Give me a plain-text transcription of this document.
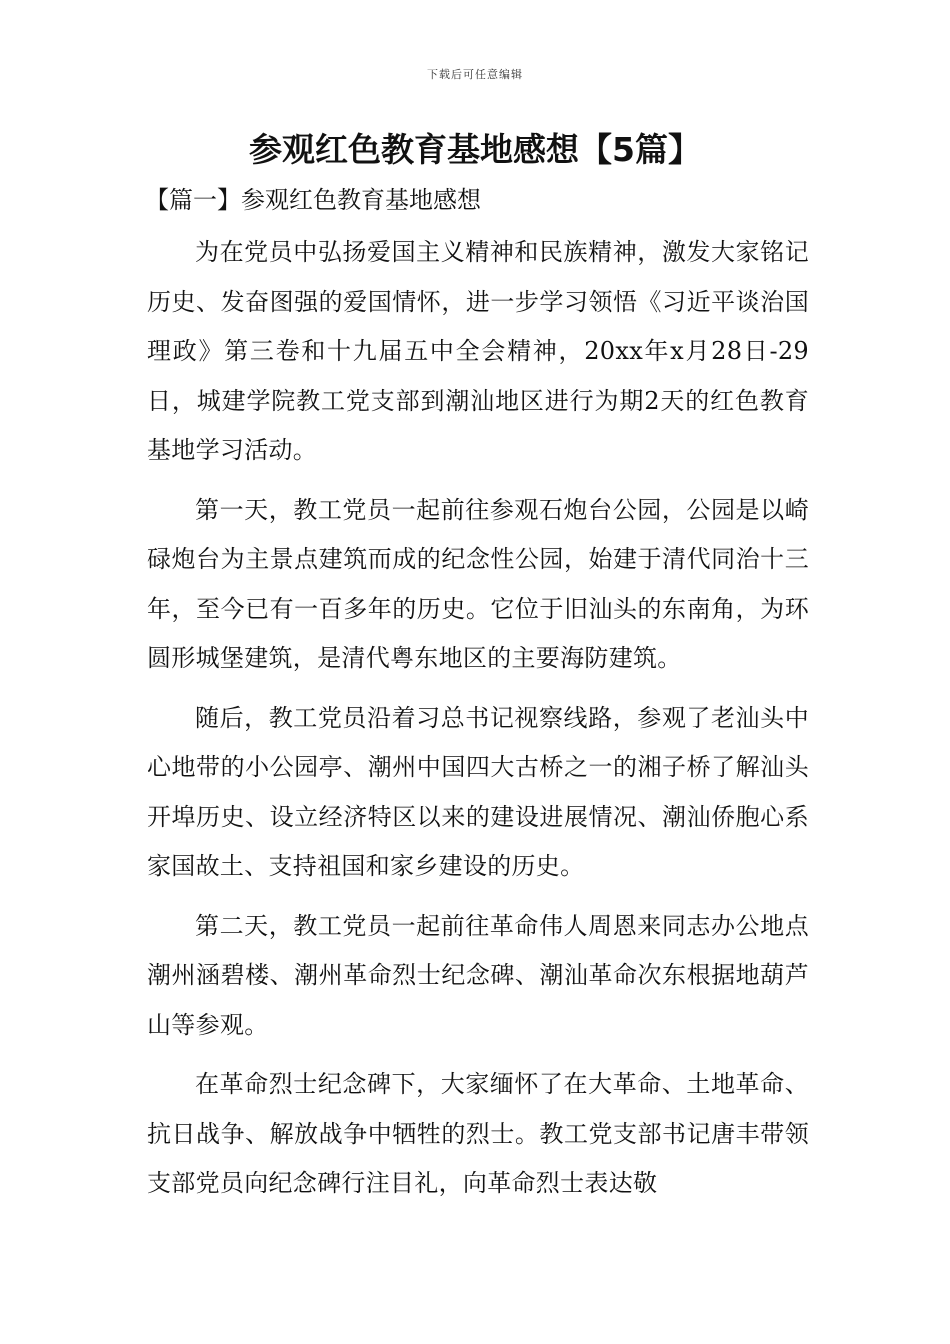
下载后可任意编辑
参观红色教育基地感想【5篇】
【篇一】参观红色教育基地感想

为在党员中弘扬爱国主义精神和民族精神，激发大家铭记历史、发奋图强的爱国情怀，进一步学习领悟《习近平谈治国理政》第三卷和十九届五中全会精神，20xx年x月28日-29日，城建学院教工党支部到潮汕地区进行为期2天的红色教育基地学习活动。

第一天，教工党员一起前往参观石炮台公园，公园是以崎碌炮台为主景点建筑而成的纪念性公园，始建于清代同治十三年，至今已有一百多年的历史。它位于旧汕头的东南角，为环圆形城堡建筑，是清代粤东地区的主要海防建筑。

随后，教工党员沿着习总书记视察线路，参观了老汕头中心地带的小公园亭、潮州中国四大古桥之一的湘子桥了解汕头开埠历史、设立经济特区以来的建设进展情况、潮汕侨胞心系家国故土、支持祖国和家乡建设的历史。

第二天，教工党员一起前往革命伟人周恩来同志办公地点潮州涵碧楼、潮州革命烈士纪念碑、潮汕革命次东根据地葫芦山等参观。

在革命烈士纪念碑下，大家缅怀了在大革命、土地革命、抗日战争、解放战争中牺牲的烈士。教工党支部书记唐丰带领支部党员向纪念碑行注目礼，向革命烈士表达敬
